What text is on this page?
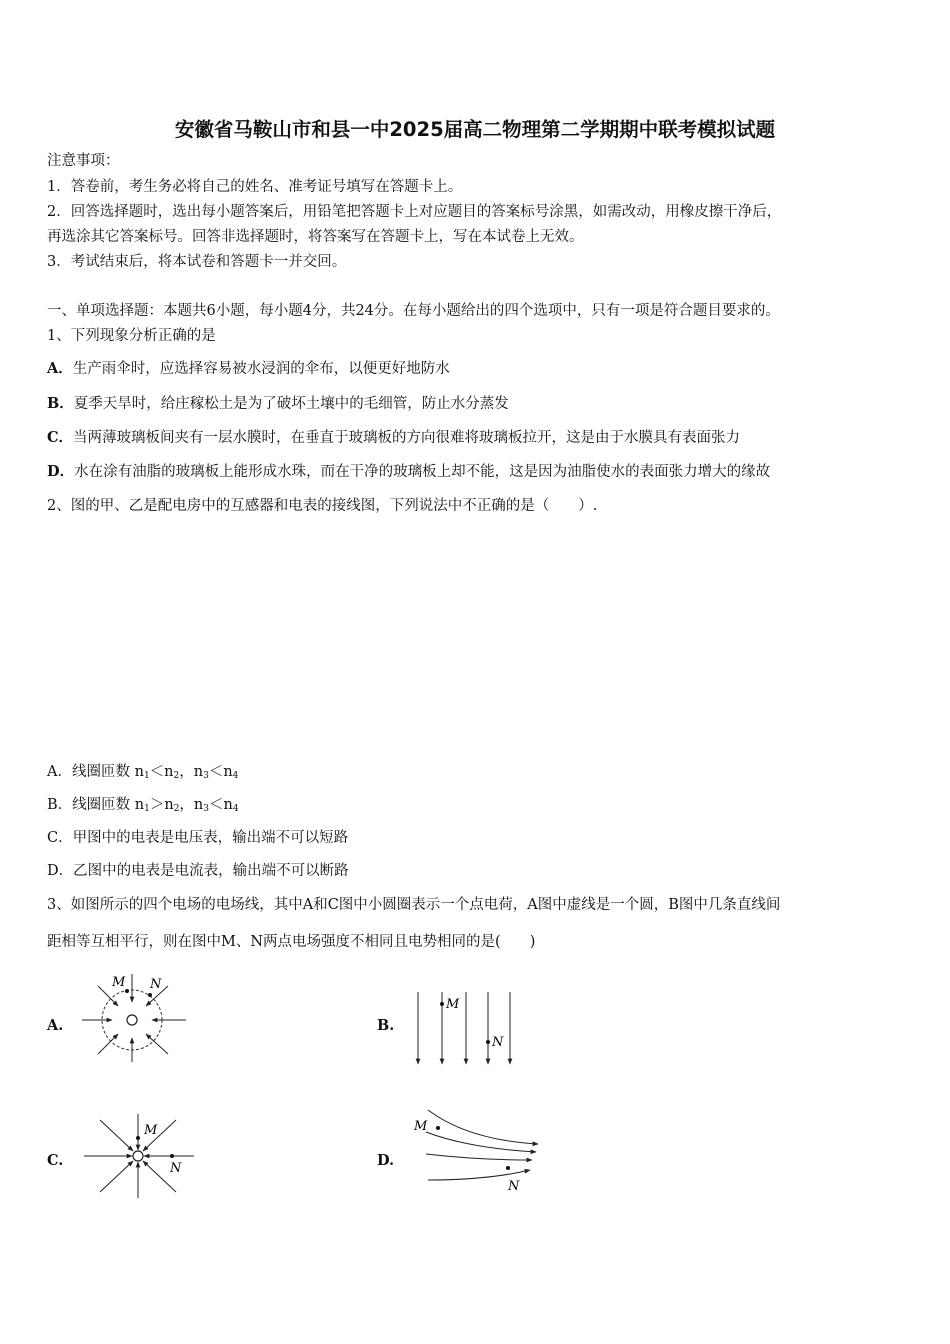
安徽省马鞍山市和县一中2025届高二物理第二学期期中联考模拟试题
注意事项：
1．答卷前，考生务必将自己的姓名、准考证号填写在答题卡上。
2．回答选择题时，选出每小题答案后，用铅笔把答题卡上对应题目的答案标号涂黑，如需改动，用橡皮擦干净后，
再选涂其它答案标号。回答非选择题时，将答案写在答题卡上，写在本试卷上无效。
3．考试结束后，将本试卷和答题卡一并交回。
一、单项选择题：本题共6小题，每小题4分，共24分。在每小题给出的四个选项中，只有一项是符合题目要求的。
1、下列现象分析正确的是
A．生产雨伞时，应选择容易被水浸润的伞布，以便更好地防水
B．夏季天旱时，给庄稼松土是为了破坏土壤中的毛细管，防止水分蒸发
C．当两薄玻璃板间夹有一层水膜时，在垂直于玻璃板的方向很难将玻璃板拉开，这是由于水膜具有表面张力
D．水在涂有油脂的玻璃板上能形成水珠，而在干净的玻璃板上却不能，这是因为油脂使水的表面张力增大的缘故
2、图的甲、乙是配电房中的互感器和电表的接线图，下列说法中不正确的是（　　）.
A．线圈匝数 $n_1<n_2$，$n_3<n_4$
B．线圈匝数 $n_1>n_2$，$n_3<n_4$
C．甲图中的电表是电压表，输出端不可以短路
D．乙图中的电表是电流表，输出端不可以断路
3、如图所示的四个电场的电场线，其中A和C图中小圆圈表示一个点电荷，A图中虚线是一个圆，B图中几条直线间
距相等互相平行，则在图中M、N两点电场强度不相同且电势相同的是(　　)
A.
M N
B.
M
N
C.
M
N	D.
M
N
